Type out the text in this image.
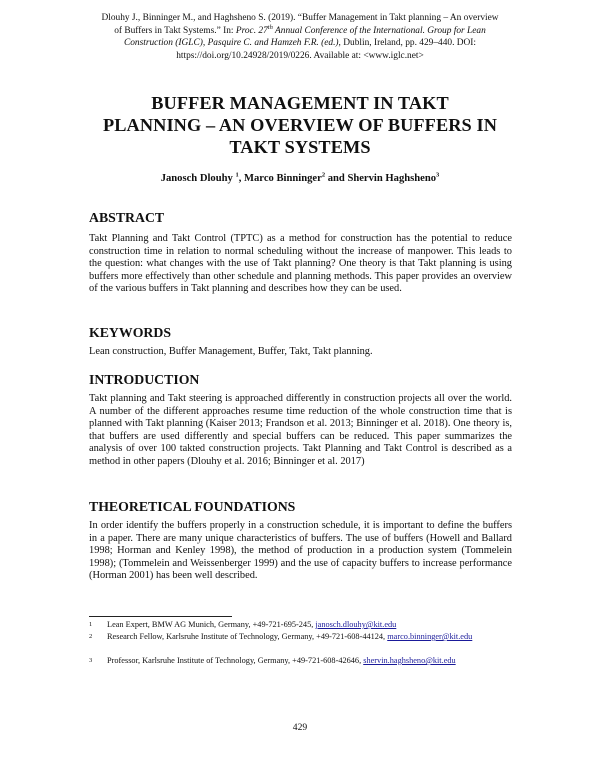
Dlouhy J., Binninger M., and Haghsheno S. (2019). “Buffer Management in Takt planning – An overview
of Buffers in Takt Systems.” In: Proc. 27th Annual Conference of the International. Group for Lean
Construction (IGLC), Pasquire C. and Hamzeh F.R. (ed.), Dublin, Ireland, pp. 429–440. DOI:
https://doi.org/10.24928/2019/0226. Available at: <www.iglc.net>
BUFFER MANAGEMENT IN TAKT
PLANNING – AN OVERVIEW OF BUFFERS IN
TAKT SYSTEMS
Janosch Dlouhy $^1$, Marco Binninger$^2$ and Shervin Haghsheno$^3$
ABSTRACT

Takt Planning and Takt Control (TPTC) as a method for construction has the potential to reduce construction time in relation to normal scheduling without the increase of manpower. This leads to the question: what changes with the use of Takt planning? One theory is that Takt planning is using buffers more effectively than other schedule and planning methods. This paper provides an overview of the various buffers in Takt planning and describes how they can be used.

KEYWORDS

Lean construction, Buffer Management, Buffer, Takt, Takt planning.

INTRODUCTION

Takt planning and Takt steering is approached differently in construction projects all over the world. A number of the different approaches resume time reduction of the whole construction time that is planned with Takt planning (Kaiser 2013; Frandson et al. 2013; Binninger et al. 2018). One theory is, that buffers are used differently and special buffers can be reduced. This paper summarizes the analysis of over 100 takted construction projects. Takt Planning and Takt Control is described as a method in other papers (Dlouhy et al. 2016; Binninger et al. 2017)

THEORETICAL FOUNDATIONS

In order identify the buffers properly in a construction schedule, it is important to define the buffers in a paper. There are many unique characteristics of buffers. The use of buffers (Howell and Ballard 1998; Horman and Kenley 1998), the method of production in a production system (Tommelein 1998); (Tommelein and Weissenberger 1999) and the use of capacity buffers to increase performance (Horman 2001) has been well described.

1 Lean Expert, BMW AG Munich, Germany, +49-721-695-245, janosch.dlouhy@kit.edu
2 Research Fellow, Karlsruhe Institute of Technology, Germany, +49-721-608-44124, marco.binninger@kit.edu
3 Professor, Karlsruhe Institute of Technology, Germany, +49-721-608-42646, shervin.haghsheno@kit.edu
429
